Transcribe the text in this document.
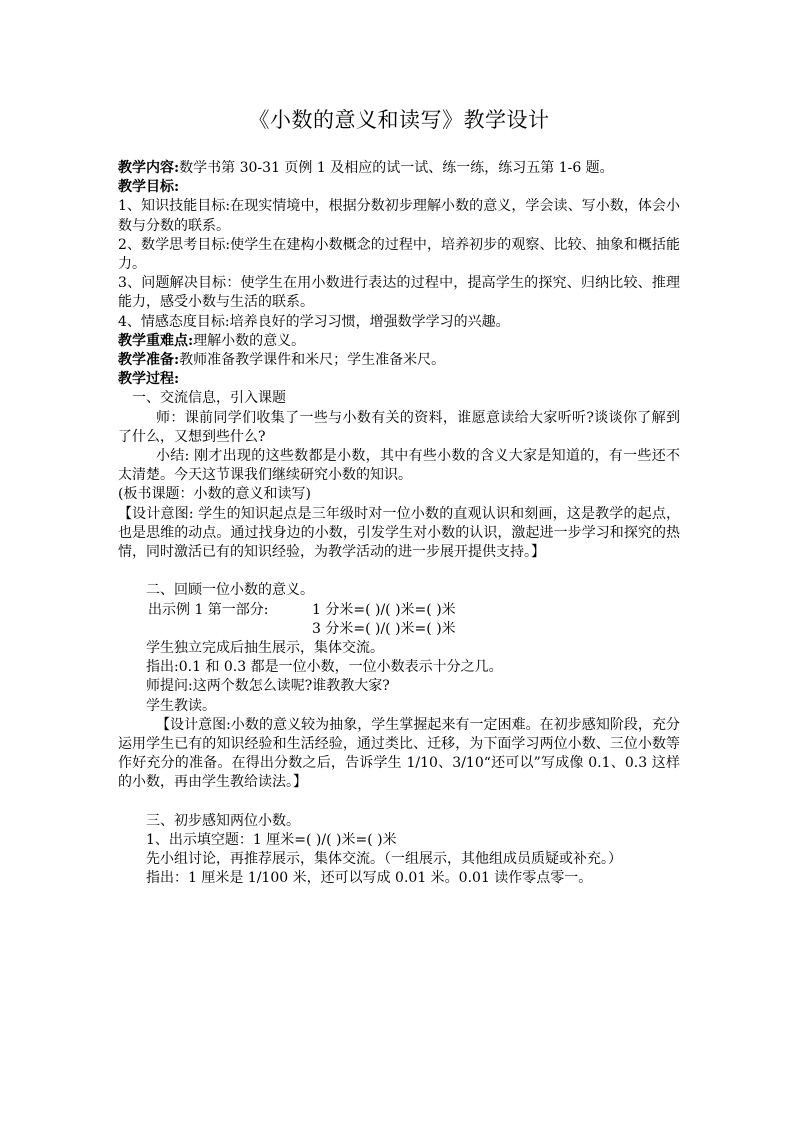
《小数的意义和读写》教学设计

教学内容:数学书第 30-31 页例 1 及相应的试一试、练一练，练习五第 1-6 题。

教学目标:

1、知识技能目标:在现实情境中，根据分数初步理解小数的意义，学会读、写小数，体会小数与分数的联系。

2、数学思考目标:使学生在建构小数概念的过程中，培养初步的观察、比较、抽象和概括能力。

3、问题解决目标：使学生在用小数进行表达的过程中，提高学生的探究、归纳比较、推理能力，感受小数与生活的联系。

4、情感态度目标:培养良好的学习习惯，增强数学学习的兴趣。

教学重难点:理解小数的意义。

教学准备:教师准备教学课件和米尺；学生准备米尺。

教学过程:

一、交流信息，引入课题

师：课前同学们收集了一些与小数有关的资料，谁愿意读给大家听听?谈谈你了解到了什么，又想到些什么?

小结: 刚才出现的这些数都是小数，其中有些小数的含义大家是知道的，有一些还不太清楚。今天这节课我们继续研究小数的知识。

(板书课题：小数的意义和读写)

【设计意图: 学生的知识起点是三年级时对一位小数的直观认识和刻画，这是教学的起点，也是思维的动点。通过找身边的小数，引发学生对小数的认识，激起进一步学习和探究的热情，同时激活已有的知识经验，为教学活动的进一步展开提供支持。】

二、回顾一位小数的意义。

出示例 1 第一部分:	1 分米=( )/( )米=( )米
3 分米=( )/( )米=( )米

学生独立完成后抽生展示，集体交流。

指出:0.1 和 0.3 都是一位小数，一位小数表示十分之几。

师提问:这两个数怎么读呢?谁教教大家?

学生教读。

【设计意图:小数的意义较为抽象，学生掌握起来有一定困难。在初步感知阶段，充分运用学生已有的知识经验和生活经验，通过类比、迁移，为下面学习两位小数、三位小数等作好充分的准备。在得出分数之后，告诉学生 1/10、3/10“还可以”写成像 0.1、0.3 这样的小数，再由学生教给读法。】

三、初步感知两位小数。

1、出示填空题：1 厘米=( )/( )米=( )米

先小组讨论，再推荐展示，集体交流。（一组展示，其他组成员质疑或补充。）

指出：1 厘米是 1/100 米，还可以写成 0.01 米。0.01 读作零点零一。
